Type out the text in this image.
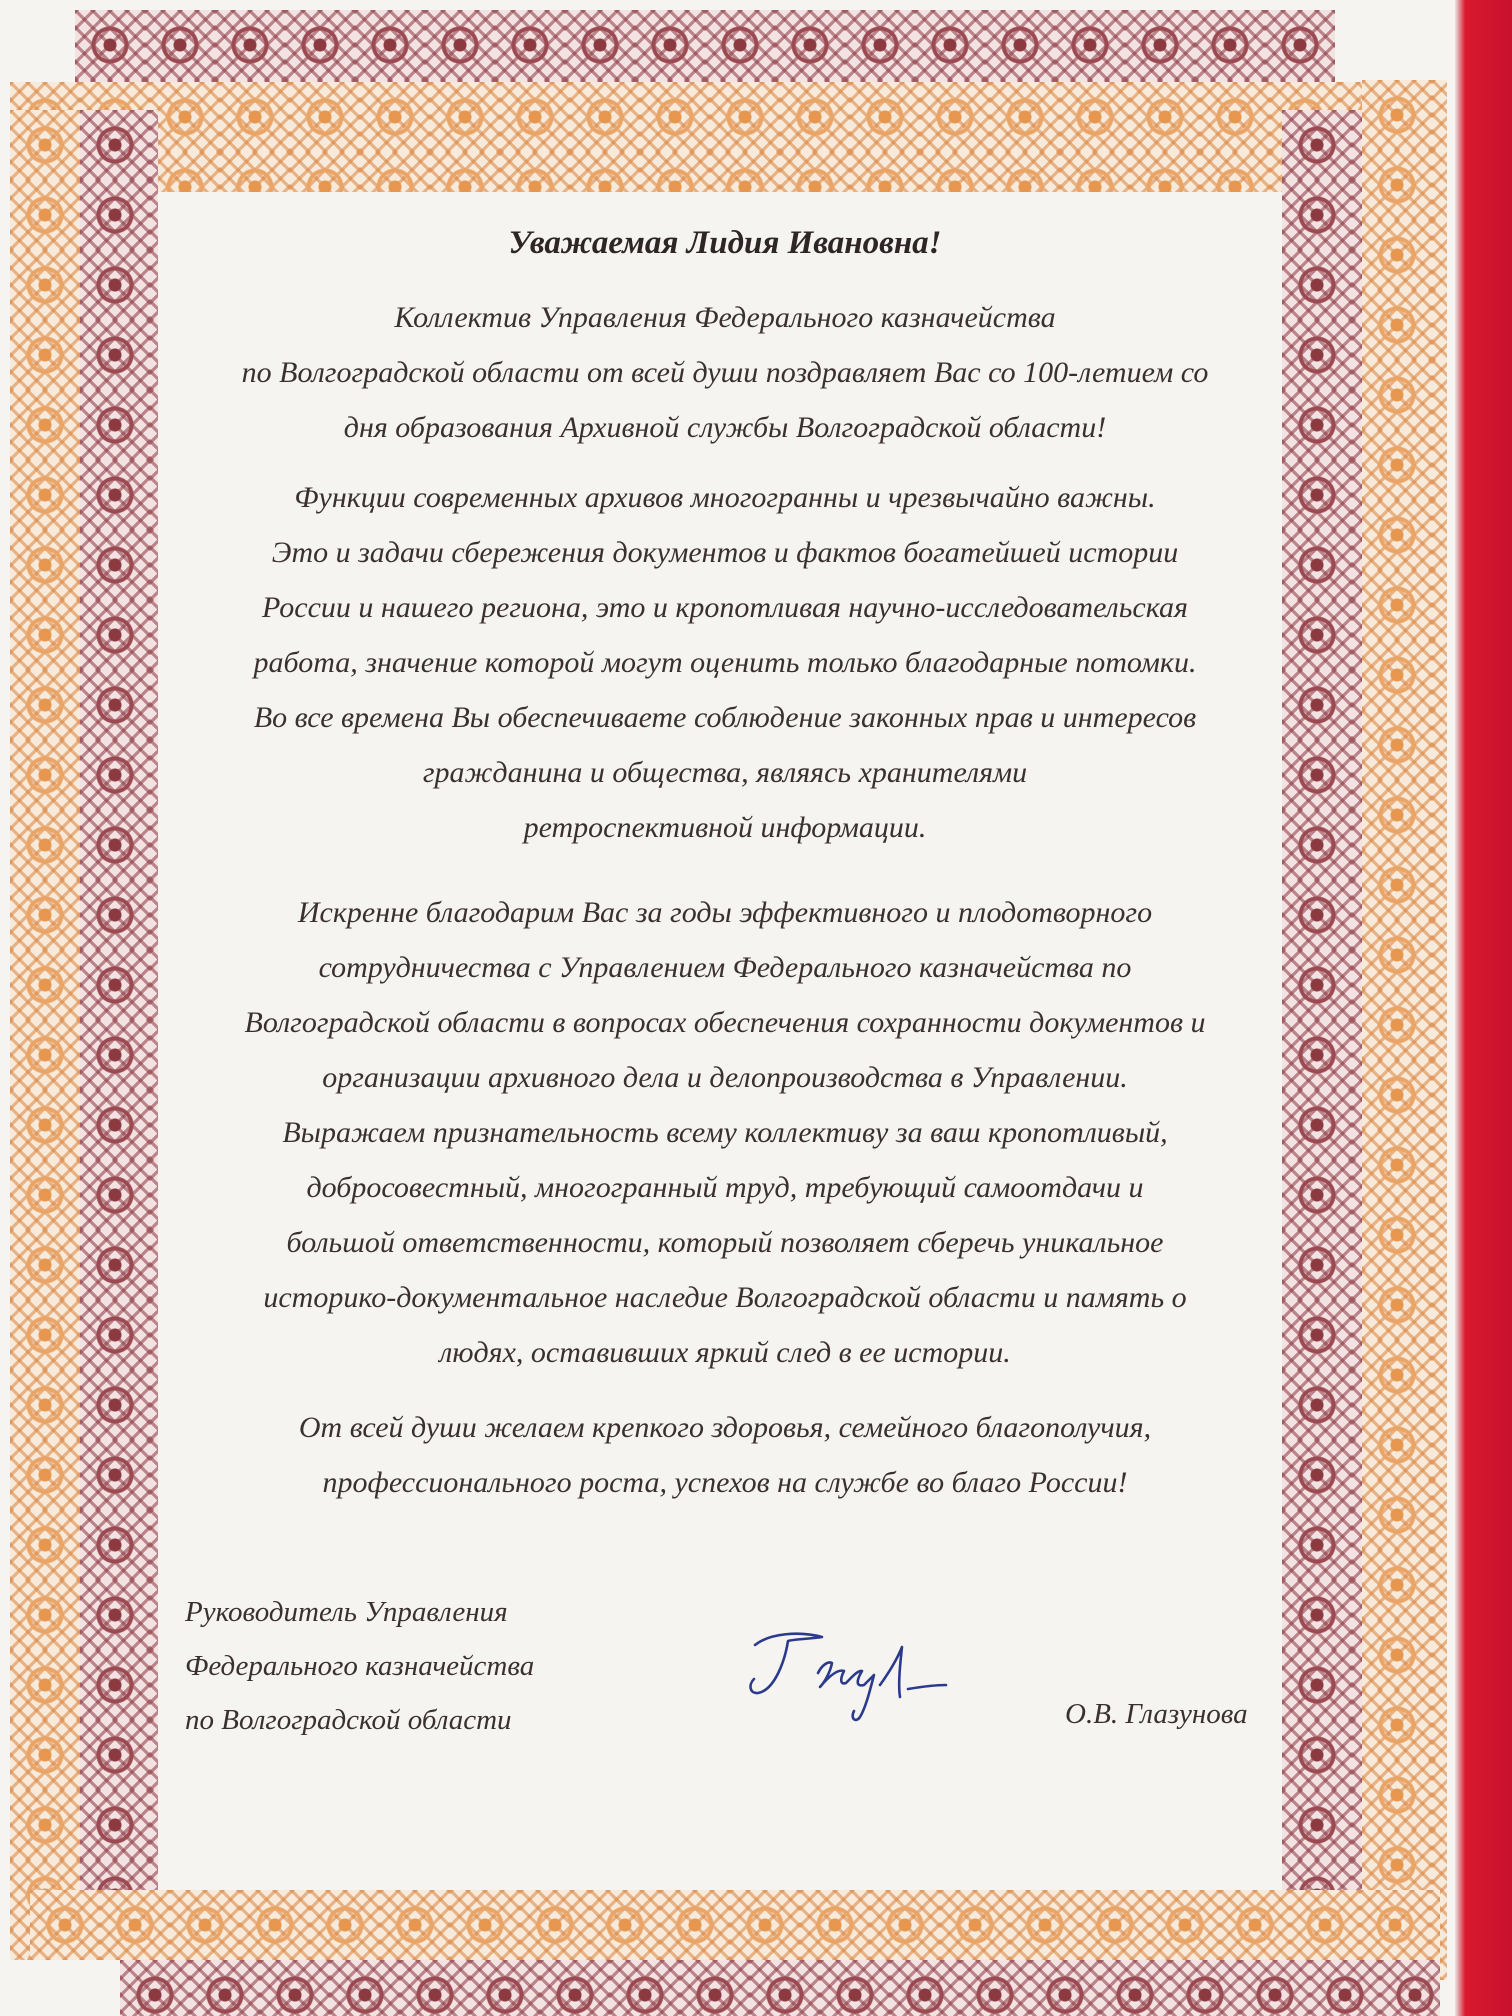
Уважаемая Лидия Ивановна!
Коллектив Управления Федерального казначейства
по Волгоградской области от всей души поздравляет Вас со 100-летием со
дня образования Архивной службы Волгоградской области!
Функции современных архивов многогранны и чрезвычайно важны.
Это и задачи сбережения документов и фактов богатейшей истории
России и нашего региона, это и кропотливая научно-исследовательская
работа, значение которой могут оценить только благодарные потомки.
Во все времена Вы обеспечиваете соблюдение законных прав и интересов
гражданина и общества, являясь хранителями
ретроспективной информации.
Искренне благодарим Вас за годы эффективного и плодотворного
сотрудничества с Управлением Федерального казначейства по
Волгоградской области в вопросах обеспечения сохранности документов и
организации архивного дела и делопроизводства в Управлении.
Выражаем признательность всему коллективу за ваш кропотливый,
добросовестный, многогранный труд, требующий самоотдачи и
большой ответственности, который позволяет сберечь уникальное
историко-документальное наследие Волгоградской области и память о
людях, оставивших яркий след в ее истории.
От всей души желаем крепкого здоровья, семейного благополучия,
профессионального роста, успехов на службе во благо России!
Руководитель Управления
Федерального казначейства
по Волгоградской области	О.В. Глазунова
